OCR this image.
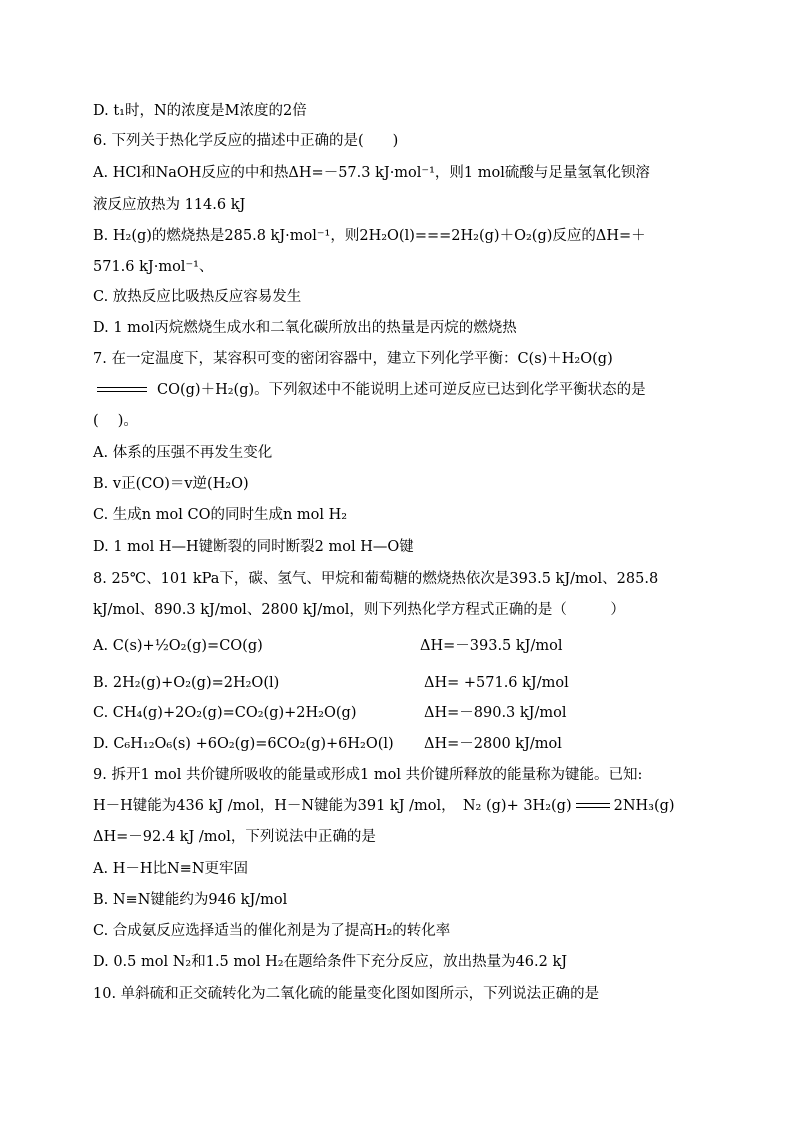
D. t₁时，N的浓度是M浓度的2倍
6. 下列关于热化学反应的描述中正确的是(　　)
A. HCl和NaOH反应的中和热ΔH=－57.3 kJ·mol⁻¹，则1 mol硫酸与足量氢氧化钡溶
液反应放热为 114.6 kJ
B. H₂(g)的燃烧热是285.8 kJ·mol⁻¹，则2H₂O(l)===2H₂(g)＋O₂(g)反应的ΔH=＋
571.6 kJ·mol⁻¹、
C. 放热反应比吸热反应容易发生
D. 1 mol丙烷燃烧生成水和二氧化碳所放出的热量是丙烷的燃烧热
7. 在一定温度下，某容积可变的密闭容器中，建立下列化学平衡：C(s)＋H₂O(g)
CO(g)＋H₂(g)。下列叙述中不能说明上述可逆反应已达到化学平衡状态的是
(　 )。
A. 体系的压强不再发生变化
B. v正(CO)＝v逆(H₂O)
C. 生成n mol CO的同时生成n mol H₂
D. 1 mol H—H键断裂的同时断裂2 mol H—O键
8. 25℃、101 kPa下，碳、氢气、甲烷和葡萄糖的燃烧热依次是393.5 kJ/mol、285.8
kJ/mol、890.3 kJ/mol、2800 kJ/mol，则下列热化学方程式正确的是（　　　）
A. C(s)+½O₂(g)=CO(g)	ΔH=－393.5 kJ/mol
B. 2H₂(g)+O₂(g)=2H₂O(l)	ΔH= +571.6 kJ/mol
C. CH₄(g)+2O₂(g)=CO₂(g)+2H₂O(g)	ΔH=－890.3 kJ/mol
D. C₆H₁₂O₆(s) +6O₂(g)=6CO₂(g)+6H₂O(l) ΔH=－2800 kJ/mol
9. 拆开1 mol 共价键所吸收的能量或形成1 mol 共价键所释放的能量称为键能。已知:
H－H键能为436 kJ /mol，H－N键能为391 kJ /mol，　N₂ (g)+ 3H₂(g)	2NH₃(g)
ΔH=－92.4 kJ /mol，下列说法中正确的是
A. H－H比N≡N更牢固
B. N≡N键能约为946 kJ/mol
C. 合成氨反应选择适当的催化剂是为了提高H₂的转化率
D. 0.5 mol N₂和1.5 mol H₂在题给条件下充分反应，放出热量为46.2 kJ
10. 单斜硫和正交硫转化为二氧化硫的能量变化图如图所示，下列说法正确的是
